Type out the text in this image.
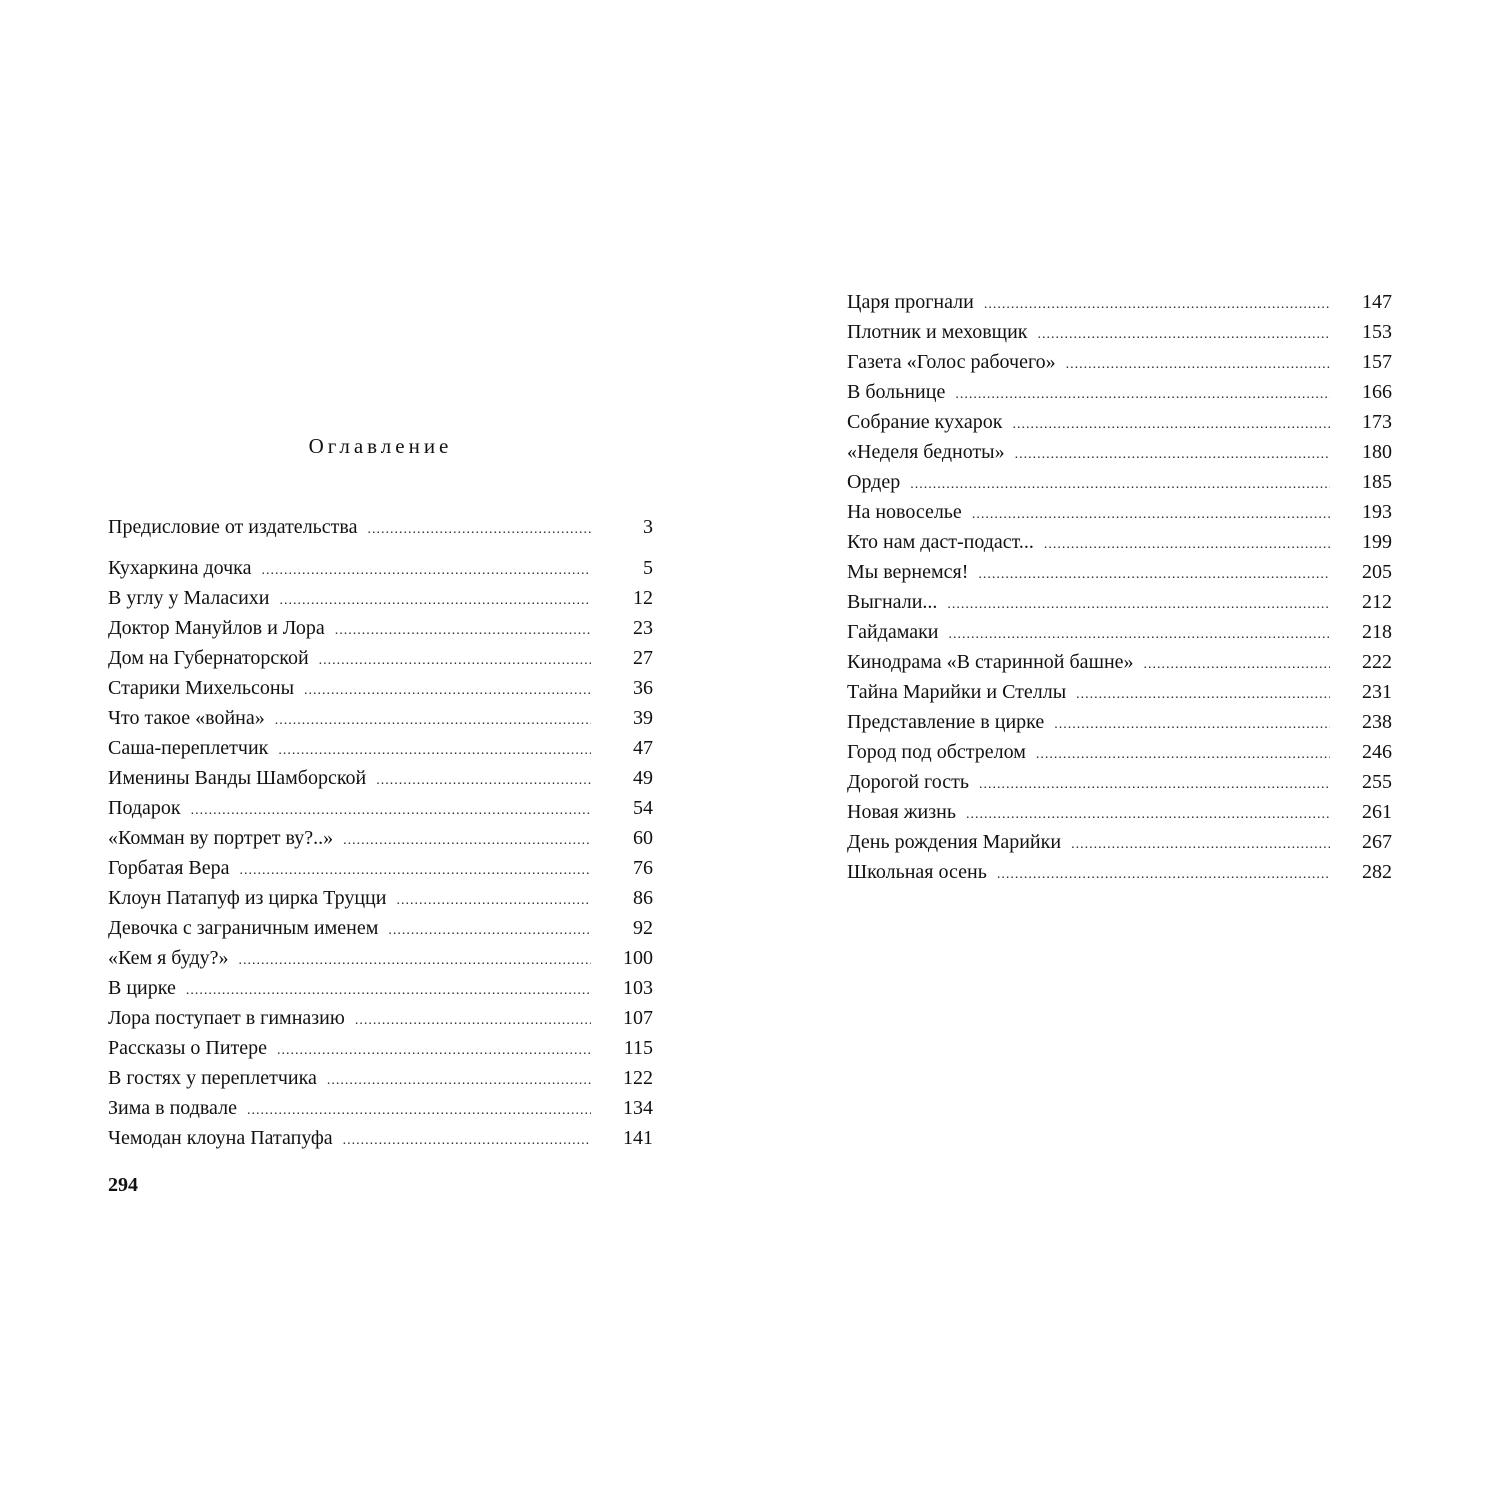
Оглавление
Предисловие от издательства .....	3
Кухаркина дочка .....	5
В углу у Маласихи .....	12
Доктор Мануйлов и Лора .....	23
Дом на Губернаторской .....	27
Старики Михельсоны .....	36
Что такое «война» .....	39
Саша-переплетчик .....	47
Именины Ванды Шамборской .....	49
Подарок .....	54
«Комман ву портрет ву?..» .....	60
Горбатая Вера .....	76
Клоун Патапуф из цирка Труцци .....	86
Девочка с заграничным именем .....	92
«Кем я буду?» .....	100
В цирке .....	103
Лора поступает в гимназию .....	107
Рассказы о Питере .....	115
В гостях у переплетчика .....	122
Зима в подвале .....	134
Чемодан клоуна Патапуфа .....	141
Царя прогнали .....	147
Плотник и меховщик .....	153
Газета «Голос рабочего» .....	157
В больнице .....	166
Собрание кухарок .....	173
«Неделя бедноты» .....	180
Ордер .....	185
На новоселье .....	193
Кто нам даст-подаст... .....	199
Мы вернемся! .....	205
Выгнали... .....	212
Гайдамаки .....	218
Кинодрама «В старинной башне» .....	222
Тайна Марийки и Стеллы .....	231
Представление в цирке .....	238
Город под обстрелом .....	246
Дорогой гость .....	255
Новая жизнь .....	261
День рождения Марийки .....	267
Школьная осень .....	282

294
